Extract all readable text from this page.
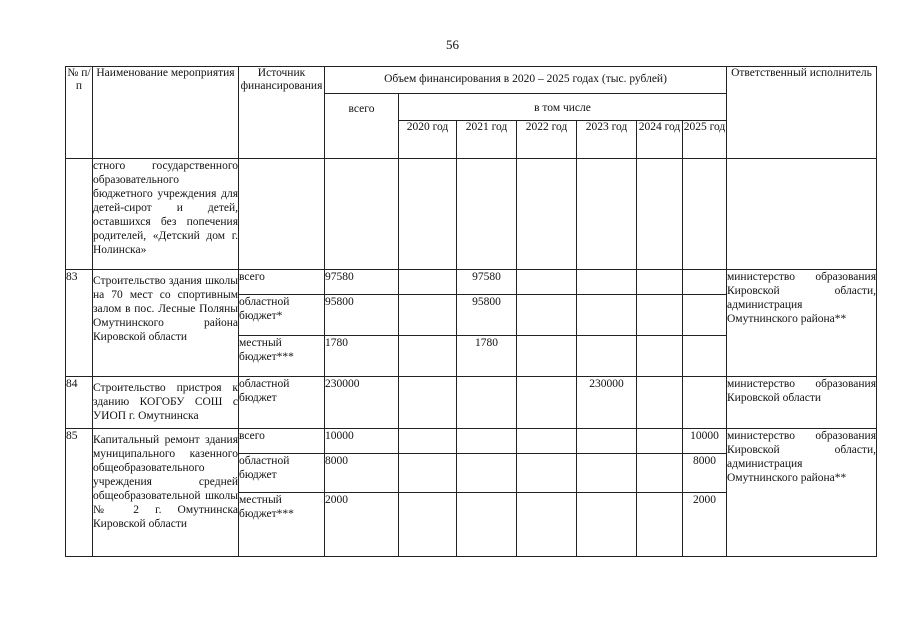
56
№ п/п	Наименование мероприятия	Источник финансирования	Объем финансирования в 2020 – 2025 годах (тыс. рублей)							Ответственный исполнитель
			всего	в том числе						
				2020 год	2021 год	2022 год	2023 год	2024 год	2025 год	
	стного государственного образовательного бюджетного учреждения для детей-сирот и детей, оставшихся без попечения родителей, «Детский дом г. Нолинска»									
83	Строительство здания школы на 70 мест со спортивным залом в пос. Лесные Поляны Омутнинского района Кировской области	всего	97580		97580					министерство образования Кировской области, администрация Омутнинского района**
		областной бюджет*	95800		95800					
		местный бюджет***	1780		1780					
84	Строительство пристроя к зданию КОГОБУ СОШ с УИОП г. Омутнинска	областной бюджет	230000				230000			министерство образования Кировской области
85	Капитальный ремонт здания муниципального казенного общеобразовательного учреждения средней общеобразовательной школы № 2 г. Омутнинска Кировской области	всего	10000						10000	министерство образования Кировской области, администрация Омутнинского района**
		областной бюджет	8000						8000	
		местный бюджет***	2000						2000	
